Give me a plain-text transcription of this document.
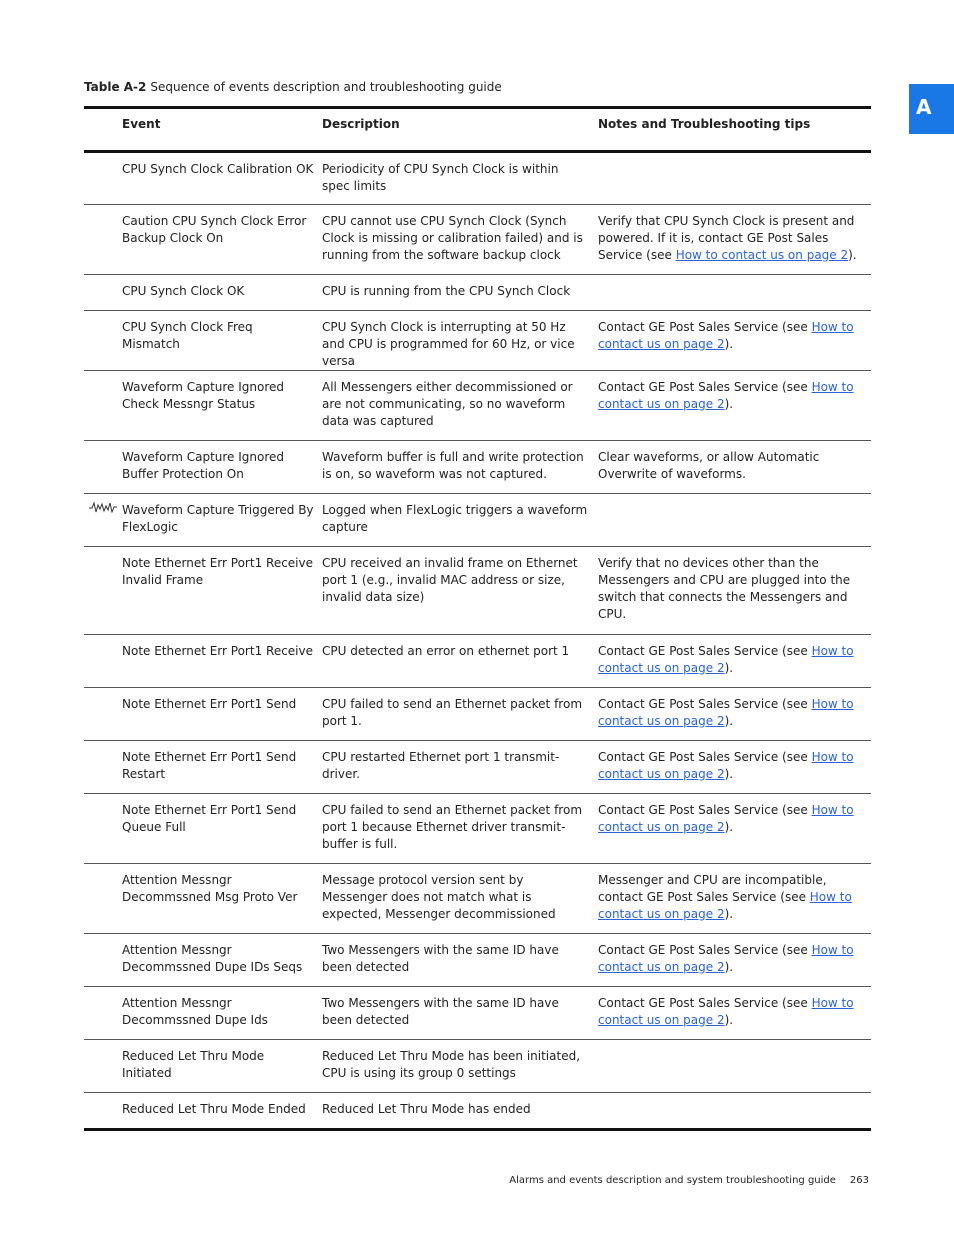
Table A-2 Sequence of events description and troubleshooting guide
A
Event	Description	Notes and Troubleshooting tips
CPU Synch Clock Calibration OK	Periodicity of CPU Synch Clock is within spec limits	
Caution CPU Synch Clock Error Backup Clock On	CPU cannot use CPU Synch Clock (Synch Clock is missing or calibration failed) and is running from the software backup clock	Verify that CPU Synch Clock is present and powered. If it is, contact GE Post Sales Service (see How to contact us on page 2).
CPU Synch Clock OK	CPU is running from the CPU Synch Clock	
CPU Synch Clock Freq Mismatch	CPU Synch Clock is interrupting at 50 Hz and CPU is programmed for 60 Hz, or vice versa	Contact GE Post Sales Service (see How to contact us on page 2).
Waveform Capture Ignored Check Messngr Status	All Messengers either decommissioned or are not communicating, so no waveform data was captured	Contact GE Post Sales Service (see How to contact us on page 2).
Waveform Capture Ignored Buffer Protection On	Waveform buffer is full and write protection is on, so waveform was not captured.	Clear waveforms, or allow Automatic Overwrite of waveforms.

Waveform Capture Triggered By FlexLogic	Logged when FlexLogic triggers a waveform capture	
Note Ethernet Err Port1 Receive Invalid Frame	CPU received an invalid frame on Ethernet port 1 (e.g., invalid MAC address or size, invalid data size)	Verify that no devices other than the Messengers and CPU are plugged into the switch that connects the Messengers and CPU.
Note Ethernet Err Port1 Receive	CPU detected an error on ethernet port 1	Contact GE Post Sales Service (see How to contact us on page 2).
Note Ethernet Err Port1 Send	CPU failed to send an Ethernet packet from port 1.	Contact GE Post Sales Service (see How to contact us on page 2).
Note Ethernet Err Port1 Send Restart	CPU restarted Ethernet port 1 transmit-driver.	Contact GE Post Sales Service (see How to contact us on page 2).
Note Ethernet Err Port1 Send Queue Full	CPU failed to send an Ethernet packet from port 1 because Ethernet driver transmit-buffer is full.	Contact GE Post Sales Service (see How to contact us on page 2).
Attention Messngr Decommssned Msg Proto Ver	Message protocol version sent by Messenger does not match what is expected, Messenger decommissioned	Messenger and CPU are incompatible, contact GE Post Sales Service (see How to contact us on page 2).
Attention Messngr Decommssned Dupe IDs Seqs	Two Messengers with the same ID have been detected	Contact GE Post Sales Service (see How to contact us on page 2).
Attention Messngr Decommssned Dupe Ids	Two Messengers with the same ID have been detected	Contact GE Post Sales Service (see How to contact us on page 2).
Reduced Let Thru Mode Initiated	Reduced Let Thru Mode has been initiated, CPU is using its group 0 settings	
Reduced Let Thru Mode Ended	Reduced Let Thru Mode has ended	
Alarms and events description and system troubleshooting guide 263
